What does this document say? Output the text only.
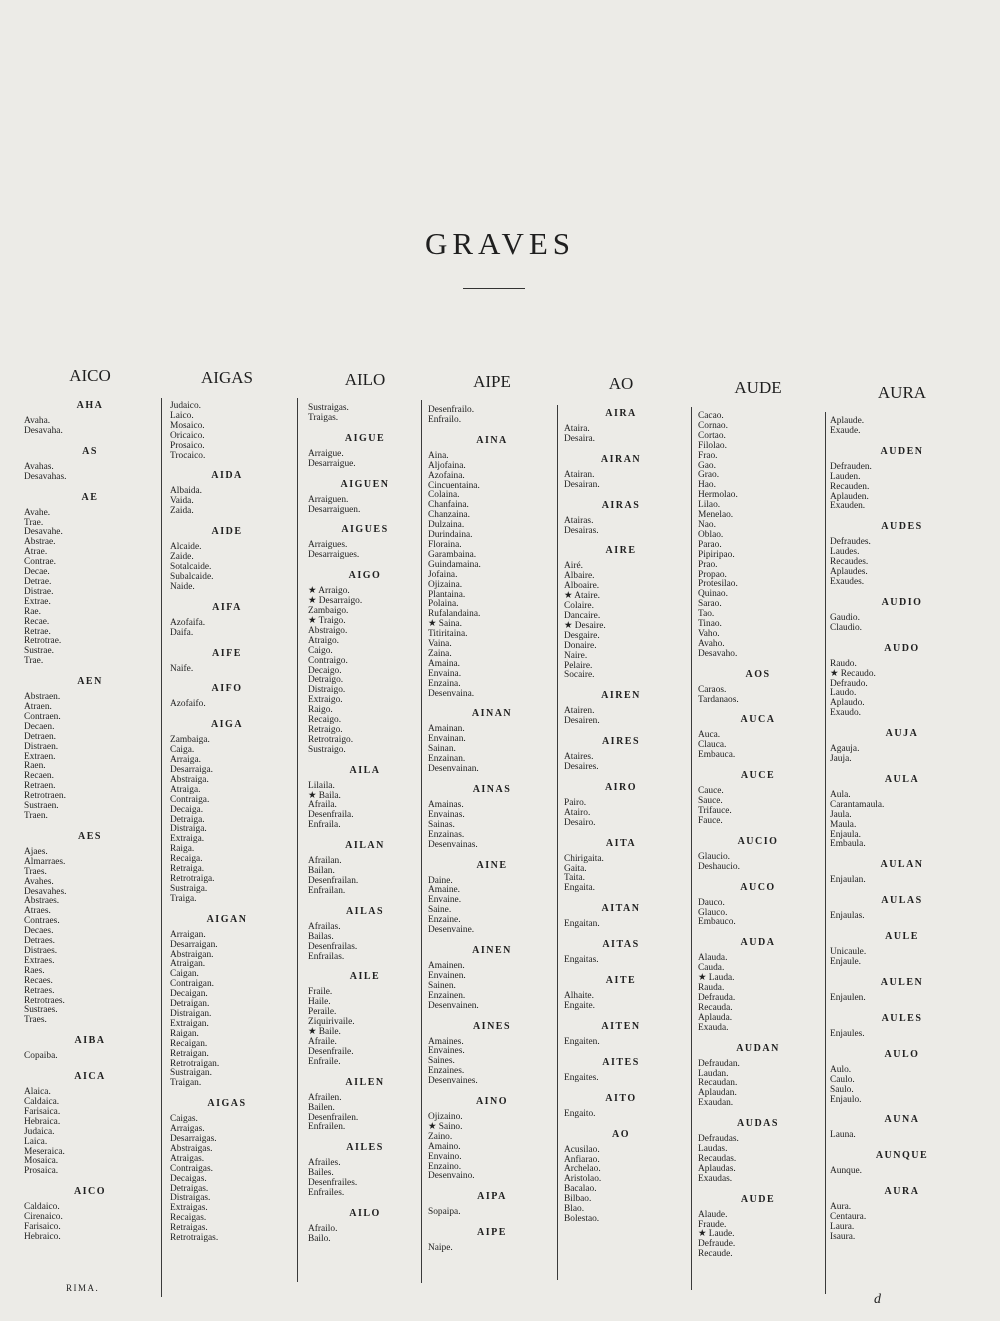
GRAVES
AICO
AHA
Avaha.
Desavaha.
AS
Avahas.
Desavahas.
AE
Avahe.
Trae.
Desavahe.
Abstrae.
Atrae.
Contrae.
Decae.
Detrae.
Distrae.
Extrae.
Rae.
Recae.
Retrae.
Retrotrae.
Sustrae.
Trae.
AEN
Abstraen.
Atraen.
Contraen.
Decaen.
Detraen.
Distraen.
Extraen.
Raen.
Recaen.
Retraen.
Retrotraen.
Sustraen.
Traen.
AES
Ajaes.
Almarraes.
Traes.
Avahes.
Desavahes.
Abstraes.
Atraes.
Contraes.
Decaes.
Detraes.
Distraes.
Extraes.
Raes.
Recaes.
Retraes.
Retrotraes.
Sustraes.
Traes.
AIBA
Copaiba.
AICA
Alaica.
Caldaica.
Farisaica.
Hebraica.
Judaica.
Laica.
Meseraica.
Mosaica.
Prosaica.
AICO
Caldaico.
Cirenaico.
Farisaico.
Hebraico.
AIGAS
Judaico.
Laico.
Mosaico.
Oricaico.
Prosaico.
Trocaico.
AIDA
Albaida.
Vaida.
Zaida.
AIDE
Alcaide.
Zaide.
Sotalcaide.
Subalcaide.
Naide.
AIFA
Azofaifa.
Daifa.
AIFE
Naife.
AIFO
Azofaifo.
AIGA
Zambaiga.
Caiga.
Arraiga.
Desarraiga.
Abstraiga.
Atraiga.
Contraiga.
Decaiga.
Detraiga.
Distraiga.
Extraiga.
Raiga.
Recaiga.
Retraiga.
Retrotraiga.
Sustraiga.
Traiga.
AIGAN
Arraigan.
Desarraigan.
Abstraigan.
Atraigan.
Caigan.
Contraigan.
Decaigan.
Detraigan.
Distraigan.
Extraigan.
Raigan.
Recaigan.
Retraigan.
Retrotraigan.
Sustraigan.
Traigan.
AIGAS
Caigas.
Arraigas.
Desarraigas.
Abstraigas.
Atraigas.
Contraigas.
Decaigas.
Detraigas.
Distraigas.
Extraigas.
Recaigas.
Retraigas.
Retrotraigas.
AILO
Sustraigas.
Traigas.
AIGUE
Arraigue.
Desarraigue.
AIGUEN
Arraiguen.
Desarraiguen.
AIGUES
Arraigues.
Desarraigues.
AIGO
★ Arraigo.
★ Desarraigo.
Zambaigo.
★ Traigo.
Abstraigo.
Atraigo.
Caigo.
Contraigo.
Decaigo.
Detraigo.
Distraigo.
Extraigo.
Raigo.
Recaigo.
Retraigo.
Retrotraigo.
Sustraigo.
AILA
Lilaila.
★ Baila.
Afraila.
Desenfraila.
Enfraila.
AILAN
Afrailan.
Bailan.
Desenfrailan.
Enfrailan.
AILAS
Afrailas.
Bailas.
Desenfrailas.
Enfrailas.
AILE
Fraile.
Haile.
Peraile.
Ziquirivaile.
★ Baile.
Afraile.
Desenfraile.
Enfraile.
AILEN
Afrailen.
Bailen.
Desenfrailen.
Enfrailen.
AILES
Afrailes.
Bailes.
Desenfrailes.
Enfrailes.
AILO
Afrailo.
Bailo.
AIPE
Desenfrailo.
Enfrailo.
AINA
Aina.
Aljofaina.
Azofaina.
Cincuentaina.
Colaina.
Chanfaina.
Chanzaina.
Dulzaina.
Durindaina.
Floraina.
Garambaina.
Guindamaina.
Jofaina.
Ojizaina.
Plantaina.
Polaina.
Rufalandaina.
★ Saina.
Titiritaina.
Vaina.
Zaina.
Amaina.
Envaina.
Enzaina.
Desenvaina.
AINAN
Amainan.
Envainan.
Sainan.
Enzainan.
Desenvainan.
AINAS
Amainas.
Envainas.
Sainas.
Enzainas.
Desenvainas.
AINE
Daine.
Amaine.
Envaine.
Saine.
Enzaine.
Desenvaine.
AINEN
Amainen.
Envainen.
Sainen.
Enzainen.
Desenvainen.
AINES
Amaines.
Envaines.
Saines.
Enzaines.
Desenvaines.
AINO
Ojizaino.
★ Saino.
Zaino.
Amaino.
Envaino.
Enzaino.
Desenvaino.
AIPA
Sopaipa.
AIPE
Naipe.
AO
AIRA
Ataira.
Desaira.
AIRAN
Atairan.
Desairan.
AIRAS
Atairas.
Desairas.
AIRE
Airé.
Albaire.
Alboaire.
★ Ataire.
Colaire.
Dancaire.
★ Desaire.
Desgaire.
Donaire.
Naire.
Pelaire.
Socaire.
AIREN
Atairen.
Desairen.
AIRES
Ataires.
Desaires.
AIRO
Pairo.
Atairo.
Desairo.
AITA
Chirigaita.
Gaita.
Taita.
Engaita.
AITAN
Engaitan.
AITAS
Engaitas.
AITE
Alhaite.
Engaite.
AITEN
Engaiten.
AITES
Engaites.
AITO
Engaito.
AO
Acusilao.
Anfiarao.
Archelao.
Aristolao.
Bacalao.
Bilbao.
Blao.
Bolestao.
AUDE
Cacao.
Cornao.
Cortao.
Filolao.
Frao.
Gao.
Grao.
Hao.
Hermolao.
Lilao.
Menelao.
Nao.
Oblao.
Parao.
Pipiripao.
Prao.
Propao.
Protesilao.
Quinao.
Sarao.
Tao.
Tinao.
Vaho.
Avaho.
Desavaho.
AOS
Caraos.
Tardanaos.
AUCA
Auca.
Clauca.
Embauca.
AUCE
Cauce.
Sauce.
Trifauce.
Fauce.
AUCIO
Glaucio.
Deshaucio.
AUCO
Dauco.
Glauco.
Embauco.
AUDA
Alauda.
Cauda.
★ Lauda.
Rauda.
Defrauda.
Recauda.
Aplauda.
Exauda.
AUDAN
Defraudan.
Laudan.
Recaudan.
Aplaudan.
Exaudan.
AUDAS
Defraudas.
Laudas.
Recaudas.
Aplaudas.
Exaudas.
AUDE
Alaude.
Fraude.
★ Laude.
Defraude.
Recaude.
AURA
Aplaude.
Exaude.
AUDEN
Defrauden.
Lauden.
Recauden.
Aplauden.
Exauden.
AUDES
Defraudes.
Laudes.
Recaudes.
Aplaudes.
Exaudes.
AUDIO
Gaudio.
Claudio.
AUDO
Raudo.
★ Recaudo.
Defraudo.
Laudo.
Aplaudo.
Exaudo.
AUJA
Agauja.
Jauja.
AULA
Aula.
Carantamaula.
Jaula.
Maula.
Enjaula.
Embaula.
AULAN
Enjaulan.
AULAS
Enjaulas.
AULE
Unicaule.
Enjaule.
AULEN
Enjaulen.
AULES
Enjaules.
AULO
Aulo.
Caulo.
Saulo.
Enjaulo.
AUNA
Launa.
AUNQUE
Aunque.
AURA
Aura.
Centaura.
Laura.
Isaura.
RIMA.
d
